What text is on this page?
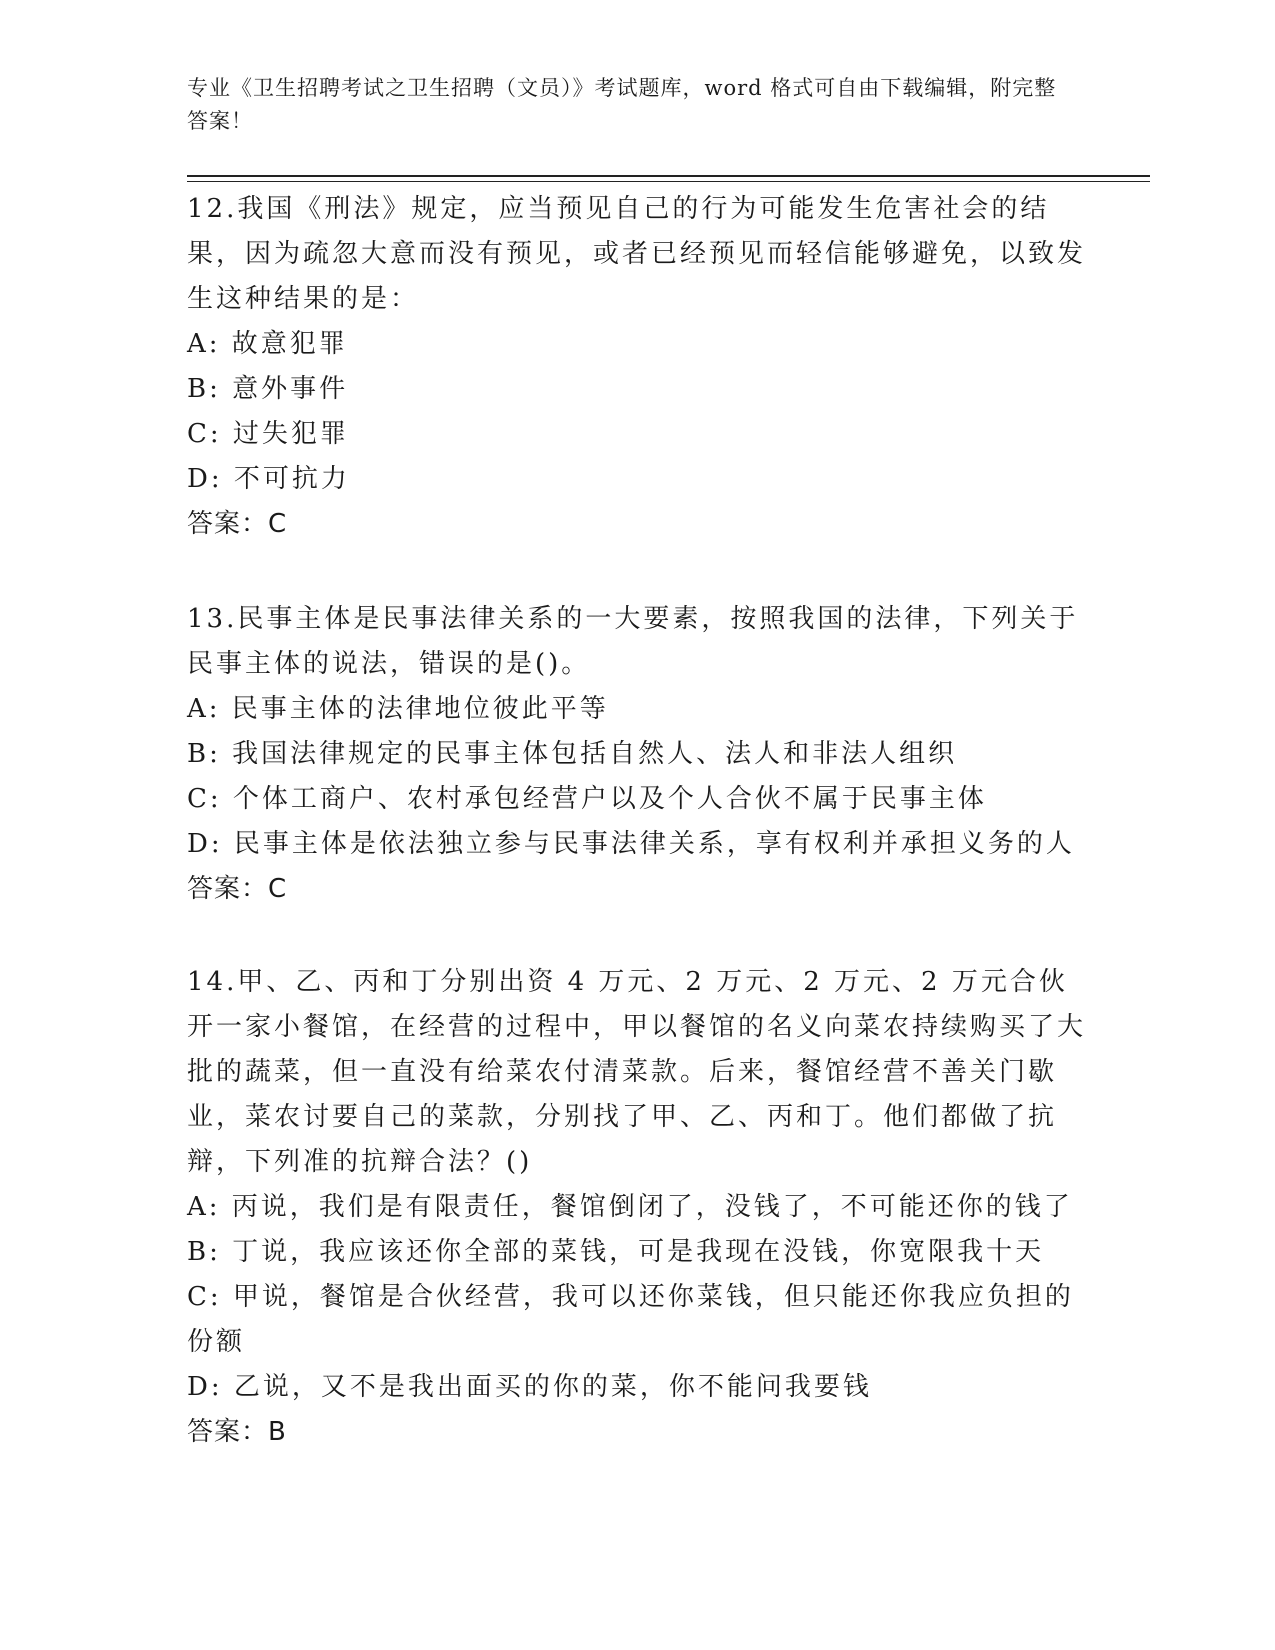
专业《卫生招聘考试之卫生招聘（文员）》考试题库，word 格式可自由下载编辑，附完整答案！
12.我国《刑法》规定，应当预见自己的行为可能发生危害社会的结果，因为疏忽大意而没有预见，或者已经预见而轻信能够避免，以致发生这种结果的是：
A: 故意犯罪
B: 意外事件
C: 过失犯罪
D: 不可抗力
答案：C
13.民事主体是民事法律关系的一大要素，按照我国的法律，下列关于民事主体的说法，错误的是()。
A: 民事主体的法律地位彼此平等
B: 我国法律规定的民事主体包括自然人、法人和非法人组织
C: 个体工商户、农村承包经营户以及个人合伙不属于民事主体
D: 民事主体是依法独立参与民事法律关系，享有权利并承担义务的人
答案：C
14.甲、乙、丙和丁分别出资 4 万元、2 万元、2 万元、2 万元合伙开一家小餐馆，在经营的过程中，甲以餐馆的名义向菜农持续购买了大批的蔬菜，但一直没有给菜农付清菜款。后来，餐馆经营不善关门歇业，菜农讨要自己的菜款，分别找了甲、乙、丙和丁。他们都做了抗辩，下列准的抗辩合法？()
A: 丙说，我们是有限责任，餐馆倒闭了，没钱了，不可能还你的钱了
B: 丁说，我应该还你全部的菜钱，可是我现在没钱，你宽限我十天
C: 甲说，餐馆是合伙经营，我可以还你菜钱，但只能还你我应负担的份额
D: 乙说，又不是我出面买的你的菜，你不能问我要钱
答案：B
